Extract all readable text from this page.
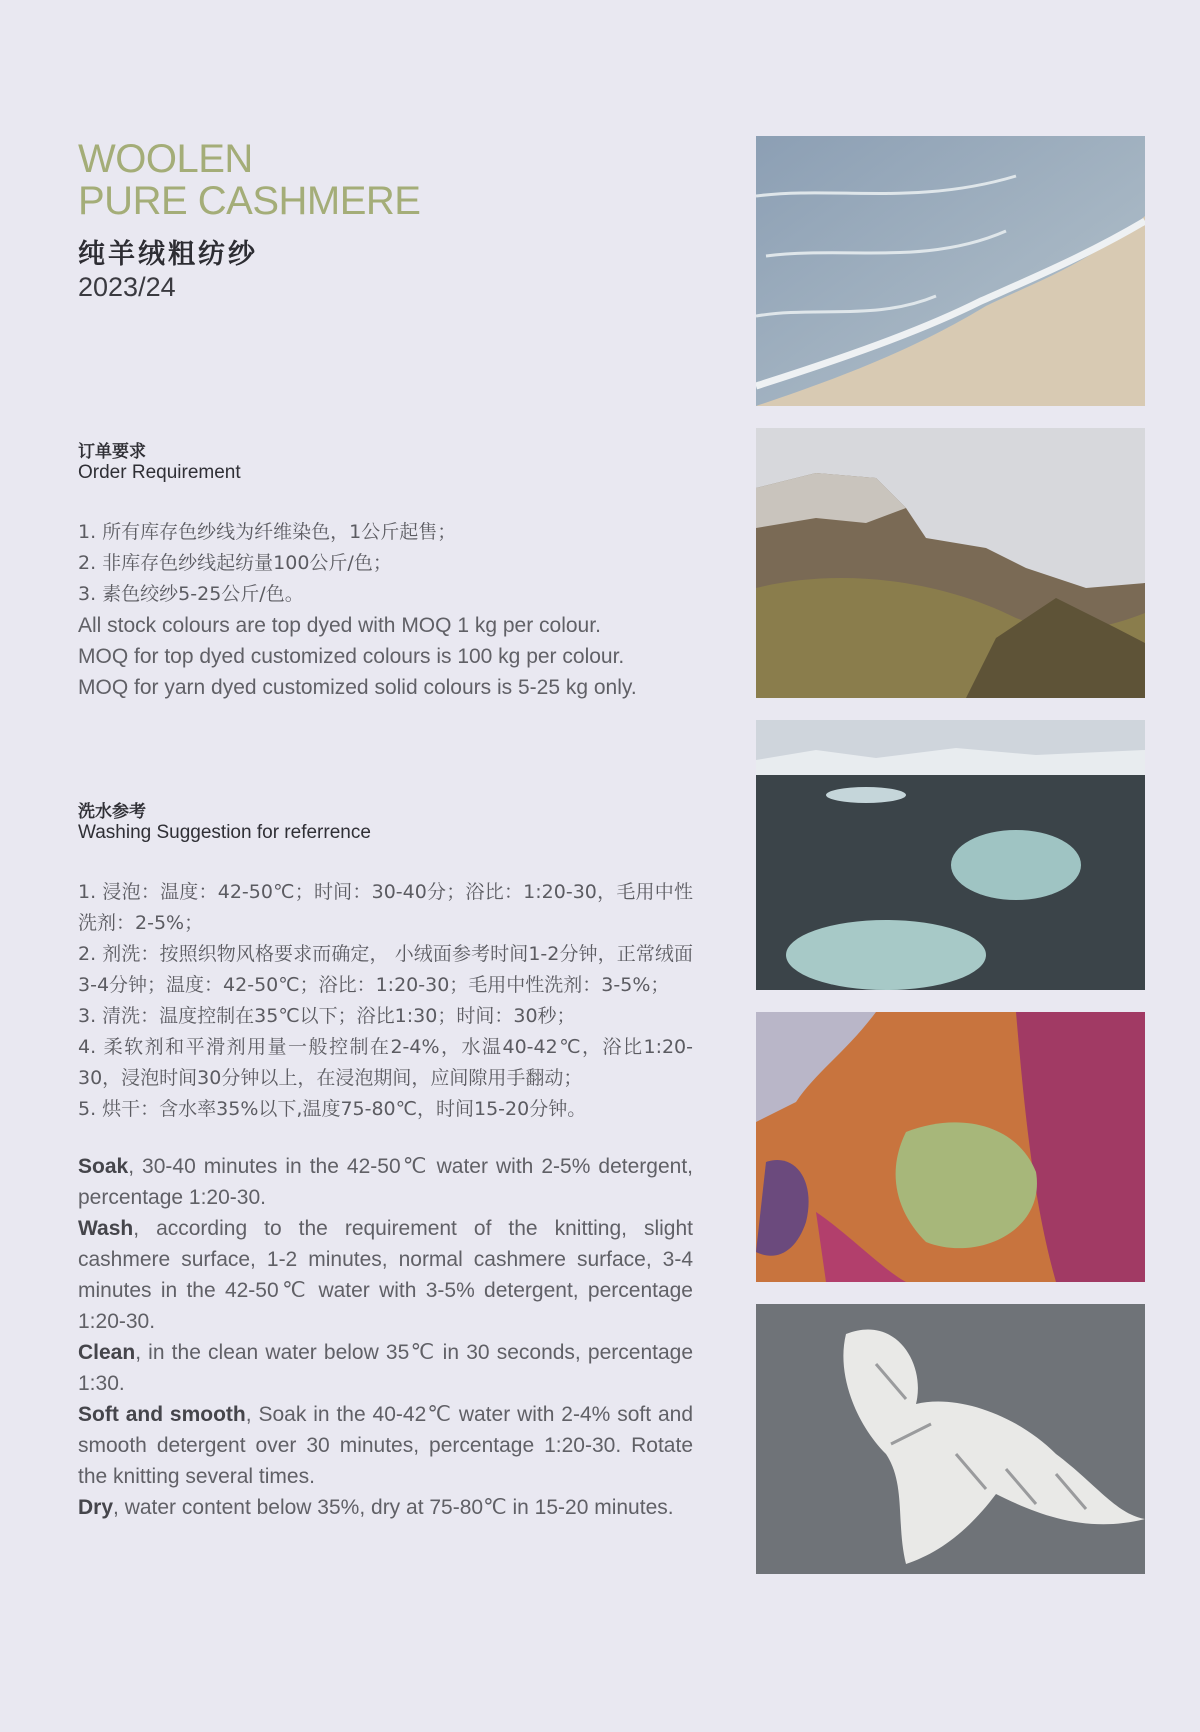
WOOLEN
PURE CASHMERE
纯羊绒粗纺纱
2023/24
订单要求
Order Requirement
1. 所有库存色纱线为纤维染色，1公斤起售；
2. 非库存色纱线起纺量100公斤/色；
3. 素色绞纱5-25公斤/色。
All stock colours are top dyed with MOQ 1 kg per colour.
MOQ for top dyed customized colours is 100 kg per colour.
MOQ for yarn dyed customized solid colours is 5-25 kg only.
洗水参考
Washing Suggestion for referrence

1. 浸泡：温度：42-50℃；时间：30-40分；浴比：1:20-30，毛用中性洗剂：2-5%；

2. 剂洗：按照织物风格要求而确定， 小绒面参考时间1-2分钟，正常绒面3-4分钟；温度：42-50℃；浴比：1:20-30；毛用中性洗剂：3-5%；

3. 清洗：温度控制在35℃以下；浴比1:30；时间：30秒；

4. 柔软剂和平滑剂用量一般控制在2-4%，水温40-42℃，浴比1:20-30，浸泡时间30分钟以上，在浸泡期间，应间隙用手翻动；

5. 烘干：含水率35%以下,温度75-80℃，时间15-20分钟。

Soak, 30-40 minutes in the 42-50℃ water with 2-5% detergent, percentage 1:20-30.

Wash, according to the requirement of the knitting, slight cashmere surface, 1-2 minutes, normal cashmere surface, 3-4 minutes in the 42-50℃ water with 3-5% detergent, percentage 1:20-30.

Clean, in the clean water below 35℃ in 30 seconds, percentage 1:30.

Soft and smooth, Soak in the 40-42℃ water with 2-4% soft and smooth detergent over 30 minutes, percentage 1:20-30. Rotate the knitting several times.

Dry, water content below 35%, dry at 75-80℃ in 15-20 minutes.
